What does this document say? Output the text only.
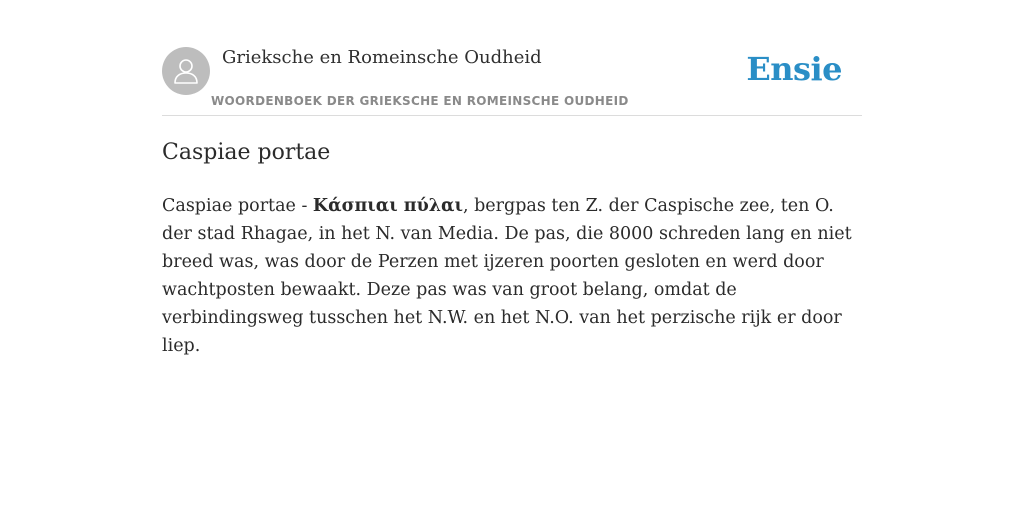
Grieksche en Romeinsche Oudheid
WOORDENBOEK DER GRIEKSCHE EN ROMEINSCHE OUDHEID
Ensie
Caspiae portae

Caspiae portae - Κάσπιαι πύλαι, bergpas ten Z. der Caspische zee, ten O. der stad Rhagae, in het N. van Media. De pas, die 8000 schreden lang en niet breed was, was door de Perzen met ijzeren poorten gesloten en werd door wachtposten bewaakt. Deze pas was van groot belang, omdat de verbindingsweg tusschen het N.W. en het N.O. van het perzische rijk er door liep.
